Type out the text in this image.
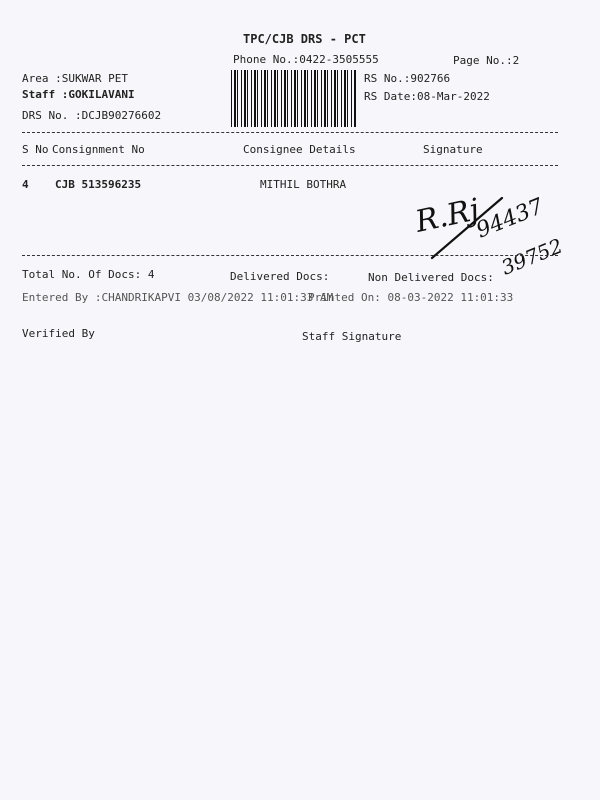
TPC/CJB DRS - PCT
Phone No.:0422-3505555	Page No.:2
Area :SUKWAR PET
Staff :GOKILAVANI
DRS No. :DCJB90276602
RS No.:902766
RS Date:08-Mar-2022
S No Consignment No	Consignee Details	Signature
4 CJB 513596235	MITHIL BOTHRA
R.Rj
94437
39752
Total No. Of Docs: 4	Delivered Docs:	Non Delivered Docs:
Entered By :CHANDRIKAPVI 03/08/2022 11:01:33 AM
Printed On: 08-03-2022 11:01:33
Verified By	Staff Signature
